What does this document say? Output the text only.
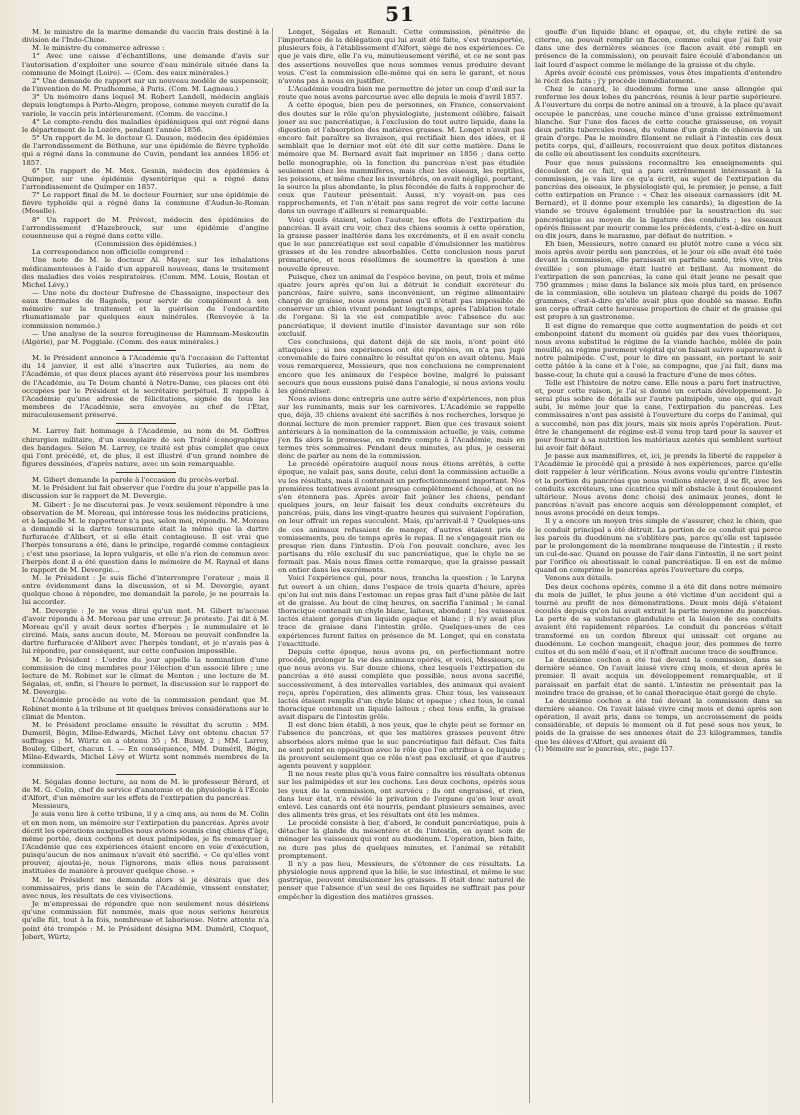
51

M. le ministre de la marine demande du vaccin frais destiné à la division de l'Indo-Chine.

M. le ministre du commerce adresse :

1° Avec une caisse d'échantillons, une demande d'avis sur l'autorisation d'exploiter une source d'eau minérale située dans la commune de Moingt (Loire). — (Com. des eaux minérales.)

2° Une demande de rapport sur un nouveau modèle de suspensoir, de l'invention de M. Prudhomme, à Paris. (Com. M. Lagneau.)

3° Un mémoire dans lequel M. Robert Landell, médecin anglais depuis longtemps à Porto-Alegro, propose, comme moyen curatif de la variole, le vaccin pris intérieurement. (Comm. de vaccine.)

4° Le compte-rendu des maladies épidémiques qui ont régné dans le département de la Lozère, pendant l'année 1856.

5° Un rapport de M. le docteur G. Dauson, médecin des épidémies de l'arrondissement de Béthune, sur une épidémie de fièvre typhoïde qui a régné dans la commune de Cuvin, pendant les années 1856 et 1857.

6° Un rapport de M. Mex. Gesnin, médecin des épidémies à Quimper, sur une épidémie dysentérique qui a régné dans l'arrondissement de Quimper en 1857.

7° Le rapport final de M. le docteur Fournier, sur une épidémie de fièvre typhoïde qui a régné dans la commune d'Audun-le-Roman (Moselle).

8° Un rapport de M. Prévost, médecin des épidémies de l'arrondissement d'Hazebrouck, sur une épidémie d'angine couenneuse qui a régné dans cette ville.

(Commission des épidémies.)

La correspondance non officielle comprend :

Une note de M. le docteur Al. Mayer, sur les inhalations médicamenteuses à l'aide d'un appareil nouveau, dans le traitement des maladies des voies respiratoires. (Comm. MM. Louis, Rostan et Michel Lévy.)

— Une note du docteur Dufresne de Chassaigne, inspecteur des eaux thermales de Bagnols, pour servir de complément à son mémoire sur le traitement et la guérison de l'endocardite rhumatismale par quelques eaux minérales. (Renvoyée à la commission nommée.)

— Une analyse de la source ferrugineuse de Hammam-Meskoutin (Algérie), par M. Poggiale. (Comm. des eaux minérales.)

M. le Président annonce à l'Académie qu'à l'occasion de l'attentat du 14 janvier, il est allé s'inscrire aux Tuileries, au nom de l'Académie, et que deux places ayant été réservées pour les membres de l'Académie, au Te Deum chanté à Notre-Dame, ces places ont été occupées par le Président et le secrétaire perpétuel. Il rappelle à l'Académie qu'une adresse de félicitations, signée de tous les membres de l'Académie, sera envoyée au chef de l'État, miraculeusement préservé.

M. Larrey fait hommage à l'Académie, au nom de M. Goffres chirurgien militaire, d'un exemplaire de son Traité iconographique des bandages. Selon M. Larrey, ce traité est plus complet que ceux qui l'ont précédé, et, de plus, il est illustré d'un grand nombre de figures dessinées, d'après nature, avec un soin remarquable.

M. Gibert demande la parole à l'occasion du procès-verbal.

M. le Président lui fait observer que l'ordre du jour n'appelle pas la discussion sur le rapport de M. Devergie.

M. Gibert : Je ne discuterai pas. Je veux seulement répondre à une observation de M. Moreau, qui intéresse tous les médecins praticiens, et à laquelle M. le rapporteur n'a pas, selon moi, répondu. M. Moreau a demandé si la dartre tonsurante était la même que la dartre furfuracée d'Alibert, et si elle était contagieuse. Il est vrai que l'herpès tonsurans a été, dans le principe, regardé comme contagieux ; c'est une psoriase, la lepra vulgaris, et elle n'a rien de commun avec l'herpès dont il a été question dans le mémoire de M. Raynal et dans le rapport de M. Devergie…

M. le Président : Je suis fâché d'interrompre l'orateur ; mais il entre évidemment dans la discussion, et si M. Devergie, ayant quelque chose à répondre, me demandait la parole, je ne pourrais la lui accorder.

M. Devergie : Je ne vous dirai qu'un mot. M. Gibert m'accuse d'avoir répondu à M. Moreau par une erreur. Je proteste. J'ai dit à M. Moreau qu'il y avait deux sortes d'herpès ; le nummulaire et le circiné. Mais, sans aucun doute, M. Moreau ne pouvait confondre la dartre furfuracée d'Alibert avec l'herpès tondant, et je n'avais pas à lui répondre, par conséquent, sur cette confusion impossible.

M. le Président : L'ordre du jour appelle la nomination d'une commission de cinq membres pour l'élection d'un associé libre ; une lecture de M. Robinet sur le climat de Menton ; une lecture de M. Ségalas, et, enfin, si l'heure le permet, la discussion sur le rapport de M. Devergie.

L'Académie procède au vote de la commission pendant que M. Robinet monte à la tribune et lit quelques brèves considérations sur le climat de Menton.

M. le Président proclame ensuite le résultat du scrutin : MM. Dumeril, Bégin, Milne-Edwards, Michel Lévy ont obtenu chacun 57 suffrages ; M. Würtz en a obtenu 35 ; M. Bussy, 2 ; MM. Larrey, Bouley, Gibert, chacun 1. — En conséquence, MM. Duméril, Bégin, Milne-Edwards, Michel Lévy et Würtz sont nommés membres de la commission.

M. Ségalas donne lecture, au nom de M. le professeur Bérard, et de M. G. Colin, chef de service d'anatomie et de physiologie à l'École d'Alfort, d'un mémoire sur les effets de l'extirpation du pancréas.

Messieurs,

Je suis venu lire à cette tribune, il y a cinq ans, au nom de M. Colin et en mon nom, un mémoire sur l'extirpation du pancréas. Après avoir décrit les opérations auxquelles nous avions soumis cinq chiens d'âge, même portée, deux cochons et deux palmipèdes, je fis remarquer à l'Académie que ces expériences étaient encore en voie d'exécution, puisqu'aucun de nos animaux n'avait été sacrifié. « Ce qu'elles vont prouver, ajoutai-je, nous l'ignorons, mais elles nous paraissent instituées de manière à prouver quelque chose. »

M. le Président me demanda alors si je désirais que des commissaires, pris dans le sein de l'Académie, vinssent constater, avec nous, les résultats de ces vivisections.

Je m'empressai de répondre que non seulement nous désirions qu'une commission fût nommée, mais que nous serions heureux qu'elle fût, tout à la fois, nombreuse et laborieuse. Notre attente n'a point été trompée : M. le Président désigna MM. Duméril, Cloquet, Jobert, Würtz,

Longet, Ségalas et Renault. Cette commission, pénétrée de l'importance de la délégation qui lui avait été faite, s'est transportée, plusieurs fois, à l'établissement d'Alfort, siège de nos expériences. Ce que je vais dire, elle l'a vu, minutieusement vérifié, et ce ne sont pas des assertions nouvelles que nous sommes venus produire devant vous. C'est la commission elle-même qui en sera le garant, et nous n'avons pas à nous en justifier.

L'Académie voudra bien me permettre de jeter un coup d'œil sur la route que nous avons parcourue avec elle depuis le mois d'avril 1857.

A cette époque, bien peu de personnes, en France, conservaient des doutes sur le rôle qu'on physiologiste, justement célèbre, faisait jouer au suc pancréatique, à l'exclusion de tout autre liquide, dans la digestion et l'absorption des matières grasses. M. Longet n'avait pas encore fait paraître sa livraison, qui rectifiait bien des idées, et il semblait que le dernier mot eût été dit sur cette matière. Dans le mémoire que M. Bernard avait fait imprimer en 1856 ; dans cette belle monographie, où la fonction du pancréas n'est pas étudiée seulement chez les mammifères, mais chez les oiseaux, les reptiles, les poissons, et même chez les invertébrés, on avait négligé, pourtant, la source la plus abondante, la plus fécondée de faits à rapprocher de ceux que l'auteur présentait. Aussi, n'y voyait-on pas ces rapprochements, et l'on n'était pas sans regret de voir cette lacune dans un ouvrage d'ailleurs si remarquable.

Voici quels étaient, selon l'auteur, les effets de l'extirpation du pancréas. Il avait cru voir, chez des chiens soumis à cette opération, la graisse passer inaltérée dans les excréments, et il en avait conclu que le suc pancréatique est seul capable d'émulsionner les matières grasses et de les rendre absorbables. Cette conclusion nous parut prématurée, et nous résolûmes de soumettre la question à une nouvelle épreuve.

Puisque, chez un animal de l'espèce bovine, on peut, trois et même quatre jours après qu'on lui a détruit le conduit excréteur du pancréas, faire suivre, sans inconvénient, un régime alimentaire chargé de graisse, nous avons pensé qu'il n'était pas impossible de conserver un chien vivant pendant longtemps, après l'ablation totale de l'organe. Si la vie est compatible avec l'absence du suc pancréatique, il devient inutile d'insister davantage sur son rôle exclusif.

Ces conclusions, qui datent déjà de six mois, n'ont point été attaquées ; si nos expériences ont été répétées, on n'a pas jugé convenable de faire connaître le résultat qu'on en avait obtenu. Mais vous remarquerez, Messieurs, que nos conclusions ne comprenaient encore que les animaux de l'espèce bovine, malgré le puissant secours que nous eussions puisé dans l'analogie, si nous avions voulu les généraliser.

Nous avions donc entrepris une autre série d'expériences, non plus sur les ruminants, mais sur les carnivores. L'Académie se rappelle que, déjà, 35 chiens avaient été sacrifiés à nos recherches, lorsque je donnai lecture de mon premier rapport. Bien que ces travaux soient antérieurs à la nomination de la commission actuelle, je vais, comme j'en fis alors la promesse, en rendre compte à l'Académie, mais en termes très sommaires. Pendant deux minutes, au plus, je cesserai donc de parler au nom de la commission.

Le procédé opératoire auquel nous nous étions arrêtés, à cette époque, ne valait pas, sans doute, celui dont la commission actuelle a vu les résultats, mais il contenait un perfectionnement important. Nos premières tentatives avaient presque complètement échoué, et on ne s'en étonnera pas. Après avoir fait jeûner les chiens, pendant quelques jours, on leur faisait les deux conduits excréteurs du pancréas, puis, dans les vingt-quatre heures qui suivaient l'opération, on leur offrait un repas succulent. Mais, qu'arrivait-il ? Quelques-uns de ces animaux refusaient de manger, d'autres étaient pris de vomissements, peu de temps après le repas. Il ne s'engageait rien ou presque rien dans l'intestin. D'où l'on pouvait conclure, avec les partisans du rôle exclusif du suc pancréatique, que le chyle ne se formait pas. Mais nous fîmes cette remarque, que la graisse passait en entier dans les excréments.

Voici l'expérience qui, pour nous, trancha la question ; le Larynx fut ouvert à un chien, dans l'espace de trois quarts d'heure, après qu'on lui eut mis dans l'estomac un repas gras fait d'une pâtée de lait et de graisse. Au bout de cinq heures, on sacrifia l'animal ; le canal thoracique contenait un chyle blanc, laiteux, abondant ; les vaisseaux lactés étaient gorgés d'un liquide opaque et blanc ; il n'y avait plus trace de graisse dans l'intestin grêle. Quelques-unes de ces expériences furent faites en présence de M. Longet, qui en constata l'exactitude.

Depuis cette époque, nous avons pu, en perfectionnant notre procédé, prolonger la vie des animaux opérés, et voici, Messieurs, ce que nous avons vu. Sur douze chiens, chez lesquels l'extirpation du pancréas a été aussi complète que possible, nous avons sacrifié, successivement, à des intervalles variables, des animaux qui avaient reçu, après l'opération, des aliments gras. Chez tous, les vaisseaux lactés étaient remplis d'un chyle blanc et opaque ; chez tous, le canal thoracique contenait un liquide laiteux ; chez tous enfin, la graisse avait disparu de l'intestin grêle.

Il est donc bien établi, à nos yeux, que le chyle peut se former en l'absence du pancréas, et que les matières grasses peuvent être absorbées alors même que le suc pancréatique fait défaut. Ces faits ne sont point en opposition avec le rôle que l'on attribue à ce liquide ; ils prouvent seulement que ce rôle n'est pas exclusif, et que d'autres agents peuvent y suppléer.

Il ne nous reste plus qu'à vous faire connaître les résultats obtenus sur les palmipèdes et sur les cochons. Les deux cochons, opérés sous les yeux de la commission, ont survécu ; ils ont engraissé, et rien, dans leur état, n'a révélé la privation de l'organe qu'on leur avait enlevé. Les canards ont été nourris, pendant plusieurs semaines, avec des aliments très gras, et les résultats ont été les mêmes.

Le procédé consiste à lier, d'abord, le conduit pancréatique, puis à détacher la glande du mésentère et de l'intestin, en ayant soin de ménager les vaisseaux qui vont au duodénum. L'opération, bien faite, ne dure pas plus de quelques minutes, et l'animal se rétablit promptement.

Il n'y a pas lieu, Messieurs, de s'étonner de ces résultats. La physiologie nous apprend que la bile, le suc intestinal, et même le suc gastrique, peuvent émulsionner les graisses. Il était donc naturel de penser que l'absence d'un seul de ces liquides ne suffirait pas pour empêcher la digestion des matières grasses.

gouffe d'un liquide blanc et opaque, et, du chyle retiré de sa citerne, on pouvait remplir un flacon, comme celui que j'ai fait voir dans une des dernières séances (ce flacon avait été rempli en présence de la commission), on pouvait faire écoulé d'abondance un lait lourd d'aspect comme le mélange de la graisse et du chyle.

Après avoir écouté ces prémisses, vous êtes impatients d'entendre le récit des faits ; j'y procède immédiatement.

Chez le canard, le duodénum forme une anse allongée qui renferme les deux lobes du pancréas, réunis à leur partie supérieure. À l'ouverture du corps de notre animal on a trouvé, à la place qu'avait occupée le pancréas, une couche mince d'une graisse extrêmement blanche. Sur l'une des faces de cette couche graisseuse, on voyait deux petits tubercules roses, du volume d'un grain de chènevis à un grain d'orge. Pas le moindre filament ne reliait à l'intestin ces deux petits corps, qui, d'ailleurs, recouvraient que deux petites distances de celle où aboutissent les conduits excréteurs.

Pour que nous puissions reconnaître les enseignements qui découlent de ce fait, qui a paru extrêmement intéressant à la commission, je vais lire ce qu'a écrit, au sujet de l'extirpation du pancréas des oiseaux, le physiologiste qui, le premier, je pense, a fait cette extirpation en France : « Chez les oiseaux carnassiers (dit M. Bernard), et il donne pour exemple les canards), la digestion de la viande se trouve également troublée par la soustraction du suc pancréatique au moyen de la ligature des conduits ; les oiseaux opérés finissent par mourir comme les précédents, c'est-à-dire en huit ou dix jours, dans le marasme, par défaut de nutrition. »

Eh bien, Messieurs, notre canard ou plutôt notre cane a vécu six mois après avoir perdu son pancréas, et le jour où elle avait été tuée devant la commission, elle paraissait en parfaite santé, très vive, très éveillée ; son plumage était lustré et brillant. Au moment de l'extirpation de son pancréas, la cane qui était jeune ne pesait que 750 grammes ; mise dans la balance six mois plus tard, en présence de la commission, elle souleva un plateau chargé du poids de 1067 grammes, c'est-à-dire qu'elle avait plus que doublé sa masse. Enfin son corps offrait cette heureuse proportion de chair et de graisse qui est propre à un gastronome.

Il est digne de remarque que cette augmentation de poids et cet embonpoint datent du moment où guidés par des vues théoriques, nous avons substitué le régime de la viande hachée, mêlée de pain mouillé, au régime purement végétal qu'on faisait suivre auparavant à notre palmipède. C'est, pour le dire en passant, en portant le soir cette pâtée à la cane et à l'oie, sa compagne, que j'ai fait, dans ma basse-cour, la chute qui a causé la fracture d'une de mes côtes.

Telle est l'histoire de notre cane. Elle nous a paru fort instructive, et, pour cette raison, je l'ai si donné un certain développement. Je serai plus sobre de détails sur l'autre palmipède, une oie, qui avait subi, le même jour que la cane, l'extirpation du pancréas. Les commissaires n'ont pas assisté à l'ouverture du corps de l'animal, qui a succombé, non pas dix jours, mais six mois après l'opération. Peut-être le changement de régime est-il venu trop tard pour la sauver et pour fournir à sa nutrition les matériaux azotés qui semblent surtout lui avoir fait défaut.

Je passe aux mammifères, et, ici, je prends la liberté de rappeler à l'Académie le procédé qui a présidé à nos expériences, parce qu'elle doit rappeler à leur vérification. Nous avons voulu qu'entre l'intestin et la portion du pancréas que nous voulions enlever, il se fît, avec les conduits excréteurs, une cicatrice qui mît obstacle à tout écoulement ultérieur. Nous avons donc choisi des animaux jeunes, dont le pancréas n'avait pas encore acquis son développement complet, et nous avons procédé en deux temps.

Il y a encore un moyen très simple de s'assurer, chez le chien, que le conduit principal a été détruit. La portion de ce conduit qui perce les parois du duodénum ne s'oblitère pas, parce qu'elle est tapissée par le prolongement de la membrane muqueuse de l'intestin ; il reste un cul-de-sac. Quand on pousse de l'air dans l'intestin, il ne sort point par l'orifice où aboutissait le canal pancréatique. Il en est de même quand on comprime le pancréas après l'ouverture du corps.

Venons aux détails.

Des deux cochons opérés, comme il a été dit dans notre mémoire du mois de juillet, le plus jeune a été victime d'un accident qui a tourné au profit de nos démonstrations. Deux mois déjà s'étaient écoulés depuis qu'on lui avait extrait la partie moyenne du pancréas. La perte de sa substance glandulaire et la lésion de ses conduits avaient été rapidement réparées. Le conduit du pancréas s'était transformé en un cordon fibreux qui unissait cet organe au duodénum. Le cochon mangeait, chaque jour, des pommes de terre cuites et du son mêlé d'eau, et il n'offrait aucune trace de souffrance.

Le deuxième cochon a été tué devant la commission, dans sa dernière séance. On l'avait laissé vivre cinq mois, et deux après le premier. Il avait acquis un développement remarquable, et il paraissait en parfait état de santé. L'intestin ne présentait pas la moindre trace de graisse, et le canal thoracique était gorgé de chyle.

Le deuxième cochon a été tué devant la commission dans sa dernière séance. On l'avait laissé vivre cinq mois et demi après son opération, il avait pris, dans ce temps, un accroissement de poids considérable, et depuis le moment où il fut pesé sous nos yeux, le poids de la graisse de ses annexes était de 23 kilogrammes, tandis que les élèves d'Alfort, qui avaient dû

(1) Mémoire sur le pancréas, etc., page 157.
